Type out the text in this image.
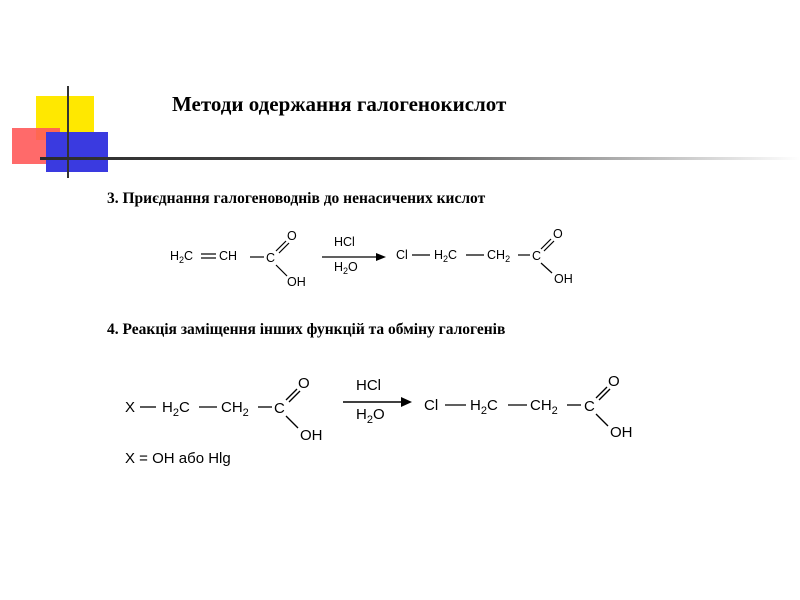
Методи одержання галогенокислот
3. Приєднання галогеноводнів до ненасичених кислот
$H_2C$ CH C
O
OH
HCl
$H_2O$
Cl $H_2C$ $CH_2$ C
O
OH
4. Реакція заміщення інших функцій та обміну галогенів
X $H_2C$ $CH_2$ C
O
OH
HCl
$H_2O$
Cl $H_2C$ $CH_2$ C
O
OH
X = OH або Hlg
